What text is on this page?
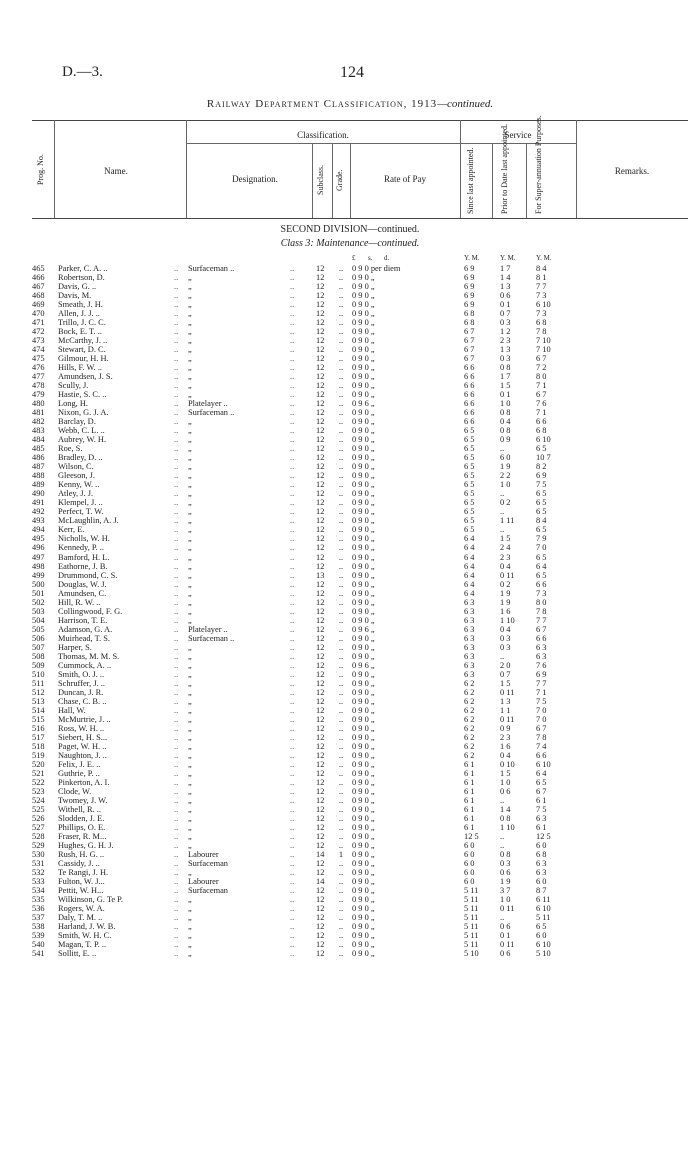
D.—3.	124
Railway Department Classification, 1913—continued.
Prog. No.	Name.
Classification.
Designation.	Subclass. Grade.	Rate of Pay
Service
Since last appointed.	Prior to Date last appointed.	For Super-annuation Purposes.	Remarks.
SECOND DIVISION—continued.
Class 3: Maintenance—continued.
£ s. d.	Y. M.	Y. M.	Y. M.
465	Parker, C. A. ..	.. Surfaceman ..	..	12	..	0 9 0 per diem	6 9	1 7	8 4
466	Robertson, D.	.. „	..	12	..	0 9 0 „	6 9	1 4	8 1
467	Davis, G. ..	.. „	..	12	..	0 9 0 „	6 9	1 3	7 7
468	Davis, M.	.. „	..	12	..	0 9 0 „	6 9	0 6	7 3
469	Smeath, J. H.	.. „	..	12	..	0 9 0 „	6 9	0 1	6 10
470	Allen, J. J. ..	.. „	..	12	..	0 9 0 „	6 8	0 7	7 3
471	Trillo, J. C. C.	.. „	..	12	..	0 9 0 „	6 8	0 3	6 8
472	Bock, E. T. ..	.. „	..	12	..	0 9 0 „	6 7	1 2	7 8
473	McCarthy, J. ..	.. „	..	12	..	0 9 0 „	6 7	2 3	7 10
474	Stewart, D. C.	.. „	..	12	..	0 9 0 „	6 7	1 3	7 10
475	Gilmour, H. H.	.. „	..	12	..	0 9 0 „	6 7	0 3	6 7
476	Hills, F. W. ..	.. „	..	12	..	0 9 0 „	6 6	0 8	7 2
477	Amundsen, J. S.	.. „	..	12	..	0 9 0 „	6 6	1 7	8 0
478	Scully, J.	.. „	..	12	..	0 9 0 „	6 6	1 5	7 1
479	Hastie, S. C. ..	.. „	..	12	..	0 9 0 „	6 6	0 1	6 7
480	Long, H.	.. Platelayer ..	..	12	..	0 9 6 „	6 6	1 0	7 6
481	Nixon, G. J. A.	.. Surfaceman ..	..	12	..	0 9 0 „	6 6	0 8	7 1
482	Barclay, D.	.. „	..	12	..	0 9 0 „	6 6	0 4	6 6
483	Webb, C. L. ..	.. „	..	12	..	0 9 0 „	6 5	0 8	6 8
484	Aubrey, W. H.	.. „	..	12	..	0 9 0 „	6 5	0 9	6 10
485	Roe, S.	.. „	..	12	..	0 9 0 „	6 5	..	6 5
486	Bradley, D. ..	.. „	..	12	..	0 9 0 „	6 5	6 0	10 7
487	Wilson, C.	.. „	..	12	..	0 9 0 „	6 5	1 9	8 2
488	Gleeson, J.	.. „	..	12	..	0 9 0 „	6 5	2 2	6 9
489	Kenny, W. ..	.. „	..	12	..	0 9 0 „	6 5	1 0	7 5
490	Atley, J. J.	.. „	..	12	..	0 9 0 „	6 5	..	6 5
491	Klempel, J. ..	.. „	..	12	..	0 9 0 „	6 5	0 2	6 5
492	Perfect, T. W.	.. „	..	12	..	0 9 0 „	6 5	..	6 5
493	McLaughlin, A. J.	.. „	..	12	..	0 9 0 „	6 5	1 11	8 4
494	Kerr, E.	.. „	..	12	..	0 9 0 „	6 5	..	6 5
495	Nicholls, W. H.	.. „	..	12	..	0 9 0 „	6 4	1 5	7 9
496	Kennedy, P. ..	.. „	..	12	..	0 9 0 „	6 4	2 4	7 0
497	Bamford, H. L.	.. „	..	12	..	0 9 0 „	6 4	2 3	6 5
498	Eathorne, J. B.	.. „	..	12	..	0 9 0 „	6 4	0 4	6 4
499	Drummond, C. S.	.. „	..	13	..	0 9 0 „	6 4	0 11	6 5
500	Douglas, W. J.	.. „	..	12	..	0 9 0 „	6 4	0 2	6 6
501	Amundsen, C.	.. „	..	12	..	0 9 0 „	6 4	1 9	7 3
502	Hill, R. W. ..	.. „	..	12	..	0 9 0 „	6 3	1 9	8 0
503	Collingwood, F. G.	.. „	..	12	..	0 9 0 „	6 3	1 6	7 8
504	Harrison, T. E.	.. „	..	12	..	0 9 0 „	6 3	1 10	7 7
505	Adamson, G. A.	.. Platelayer ..	..	12	..	0 9 6 „	6 3	0 4	6 7
506	Muirhead, T. S.	.. Surfaceman ..	..	12	..	0 9 0 „	6 3	0 3	6 6
507	Harper, S.	.. „	..	12	..	0 9 0 „	6 3	0 3	6 3
508	Thomas, M. M. S.	.. „	..	12	..	0 9 0 „	6 3	..	6 3
509	Cummock, A. ..	.. „	..	12	..	0 9 6 „	6 3	2 0	7 6
510	Smith, O. J. ..	.. „	..	12	..	0 9 0 „	6 3	0 7	6 9
511	Schruffer, J. ..	.. „	..	12	..	0 9 0 „	6 2	1 5	7 7
512	Duncan, J. R.	.. „	..	12	..	0 9 0 „	6 2	0 11	7 1
513	Chase, C. B. ..	.. „	..	12	..	0 9 0 „	6 2	1 3	7 5
514	Hall, W.	.. „	..	12	..	0 9 0 „	6 2	1 1	7 0
515	McMurtrie, J. ..	.. „	..	12	..	0 9 0 „	6 2	0 11	7 0
516	Ross, W. H. ..	.. „	..	12	..	0 9 0 „	6 2	0 9	6 7
517	Siebert, H. S...	.. „	..	12	..	0 9 0 „	6 2	2 3	7 8
518	Paget, W. H. ..	.. „	..	12	..	0 9 0 „	6 2	1 6	7 4
519	Naughton, J. ..	.. „	..	12	..	0 9 0 „	6 2	0 4	6 6
520	Felix, J. E. ..	.. „	..	12	..	0 9 0 „	6 1	0 10	6 10
521	Guthrie, P. ..	.. „	..	12	..	0 9 0 „	6 1	1 5	6 4
522	Pinkerton, A. I.	.. „	..	12	..	0 9 0 „	6 1	1 0	6 5
523	Clode, W.	.. „	..	12	..	0 9 0 „	6 1	0 6	6 7
524	Twomey, J. W.	.. „	..	12	..	0 9 0 „	6 1	..	6 1
525	Withell, R. ..	.. „	..	12	..	0 9 0 „	6 1	1 4	7 5
526	Slodden, J. E.	.. „	..	12	..	0 9 0 „	6 1	0 8	6 3
527	Phillips, O. E.	.. „	..	12	..	0 9 0 „	6 1	1 10	6 1
528	Fraser, R. M...	.. „	..	12	..	0 9 0 „	12 5	..	12 5
529	Hughes, G. H. J.	.. „	..	12	..	0 9 0 „	6 0	..	6 0
530	Rush, H. G. ..	.. Labourer	..	14	1	0 9 0 „	6 0	0 8	6 8
531	Cassidy, J. ..	.. Surfaceman	..	12	..	0 9 0 „	6 0	0 3	6 3
532	Te Rangi, J. H.	.. „	..	12	..	0 9 0 „	6 0	0 6	6 3
533	Fulton, W. J...	.. Labourer	..	14	..	0 9 0 „	6 0	1 9	6 0
534	Pettit, W. H...	.. Surfaceman	..	12	..	0 9 0 „	5 11	3 7	8 7
535	Wilkinson, G. Te P.	.. „	..	12	..	0 9 0 „	5 11	1 0	6 11
536	Rogers, W. A.	.. „	..	12	..	0 9 0 „	5 11	0 11	6 10
537	Daly, T. M. ..	.. „	..	12	..	0 9 0 „	5 11	..	5 11
538	Harland, J. W. B.	.. „	..	12	..	0 9 0 „	5 11	0 6	6 5
539	Smith, W. H. C.	.. „	..	12	..	0 9 0 „	5 11	0 1	6 0
540	Magan, T. P. ..	.. „	..	12	..	0 9 0 „	5 11	0 11	6 10
541	Sollitt, E. ..	.. „	..	12	..	0 9 0 „	5 10	0 6	5 10
